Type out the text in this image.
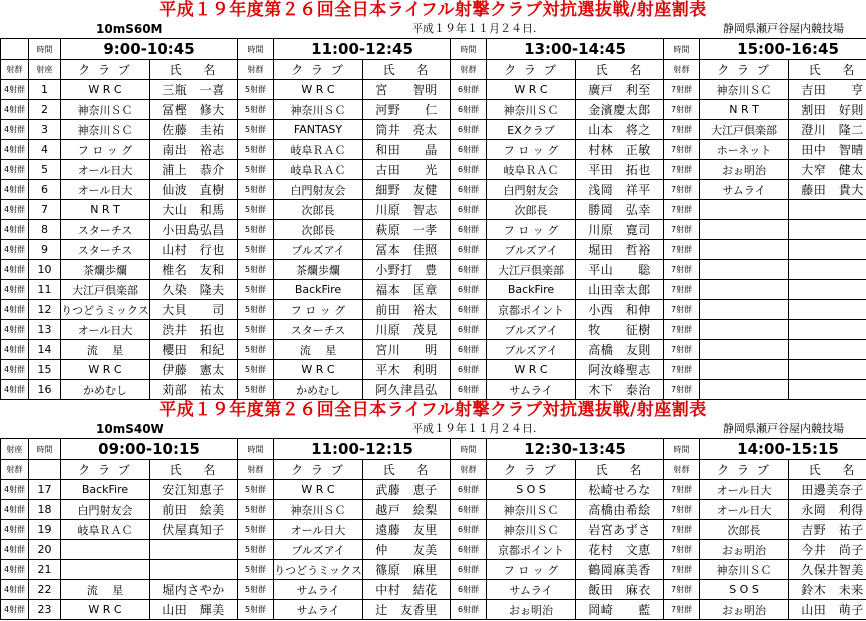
平成１９年度第２６回全日本ライフル射撃クラブ対抗選抜戦/射座割表
10mS60M	平成１９年１１月２４日.	静岡県瀬戸谷屋内競技場
	時間	9:00-10:45		時間	11:00-12:45		時間	13:00-14:45		時間	15:00-16:45	
射群	射座	ク ラ ブ	氏　 名	射群	ク ラ ブ	氏　 名	射群	ク ラ ブ	氏　 名	射群	ク ラ ブ	氏　 名
4射群	1	W R C	三瓶　一喜	5射群	W R C	宮　　智明	6射群	W R C	廣戸　利至	7射群	神奈川ＳＣ	吉田　　亨
4射群	2	神奈川ＳＣ	冨樫　修大	5射群	神奈川ＳＣ	河野　　仁	6射群	神奈川ＳＣ	金濱慶太郎	7射群	N R T	割田　好則
4射群	3	神奈川ＳＣ	佐藤　圭祐	5射群	FANTASY	筒井　亮太	6射群	EXクラブ	山本　将之	7射群	大江戸倶楽部	澄川　隆二
4射群	4	フ ロ ッ グ	南出　裕志	5射群	岐阜ＲＡＣ	和田　　晶	6射群	フ ロ ッ グ	村林　正敏	7射群	ホーネット	田中　智晴
4射群	5	オール日大	浦上　恭介	5射群	岐阜ＲＡＣ	古田　　光	6射群	岐阜ＲＡＣ	平田　拓也	7射群	おぉ明治	大窄　健太
4射群	6	オール日大	仙波　直樹	5射群	白門射友会	細野　友健	6射群	白門射友会	浅岡　祥平	7射群	サムライ	藤田　貴大
4射群	7	N R T	大山　和馬	5射群	次郎長	川原　智志	6射群	次郎長	勝岡　弘幸	7射群		
4射群	8	スターチス	小田島弘昌	5射群	次郎長	萩原　一孝	6射群	フ ロ ッ グ	川原　寛司	7射群		
4射群	9	スターチス	山村　行也	5射群	ブルズアイ	冨本　佳照	6射群	ブルズアイ	堀田　哲裕	7射群		
4射群	10	茶爛歩爛	椎名　友和	5射群	茶爛歩爛	小野打　豊	6射群	大江戸倶楽部	平山　　聡	7射群		
4射群	11	大江戸倶楽部	久染　隆夫	5射群	BackFire	福本　匡章	6射群	BackFire	山田幸太郎	7射群		
4射群	12	りつどうミックス	大貝　　司	5射群	フ ロ ッ グ	前田　裕太	6射群	京都ポイント	小西　和伸	7射群		
4射群	13	オール日大	渋井　拓也	5射群	スターチス	川原　茂見	6射群	ブルズアイ	牧　　征樹	7射群		
4射群	14	流　 星	櫻田　和紀	5射群	流　 星	宮川　　明	6射群	ブルズアイ	高橋　友則	7射群		
4射群	15	W R C	伊藤　憲太	5射群	W R C	平木　利明	6射群	W R C	阿汝峰聖志	7射群		
4射群	16	かめむし	苅部　祐太	5射群	かめむし	阿久津昌弘	6射群	サムライ	木下　泰治	7射群		
平成１９年度第２６回全日本ライフル射撃クラブ対抗選抜戦/射座割表
10mS40W	平成１９年１１月２４日.	静岡県瀬戸谷屋内競技場
射座	時間	09:00-10:15		時間	11:00-12:15		時間	12:30-13:45		時間	14:00-15:15	
射群		ク ラ ブ	氏　 名	射群	ク ラ ブ	氏　 名	射群	ク ラ ブ	氏　 名	射群	ク ラ ブ	氏　 名
4射群	17	BackFire	安江知恵子	5射群	W R C	武藤　恵子	6射群	S O S	松崎せろな	7射群	オール日大	田邊美奈子
4射群	18	白門射友会	前田　絵美	5射群	神奈川ＳＣ	越戸　絵梨	6射群	神奈川ＳＣ	高橋由希絵	7射群	オール日大	永岡　利得
4射群	19	岐阜ＲＡＣ	伏屋真知子	5射群	オール日大	遠藤　友里	6射群	神奈川ＳＣ	岩宮あずさ	7射群	次郎長	吉野　祐子
4射群	20			5射群	ブルズアイ	仲　　友美	6射群	京都ポイント	花村　文恵	7射群	おぉ明治	今井　尚子
4射群	21			5射群	りつどうミックス	篠原　麻里	6射群	フ ロ ッ グ	鶴岡麻美香	7射群	神奈川ＳＣ	久保井智美
4射群	22	流　 星	堀内さやか	5射群	サムライ	中村　結花	6射群	サムライ	飯田　麻衣	7射群	S O S	鈴木　未来
4射群	23	W R C	山田　輝美	5射群	サムライ	辻　友香里	6射群	おぉ明治	岡崎　　藍	7射群	おぉ明治	山田　萌子
